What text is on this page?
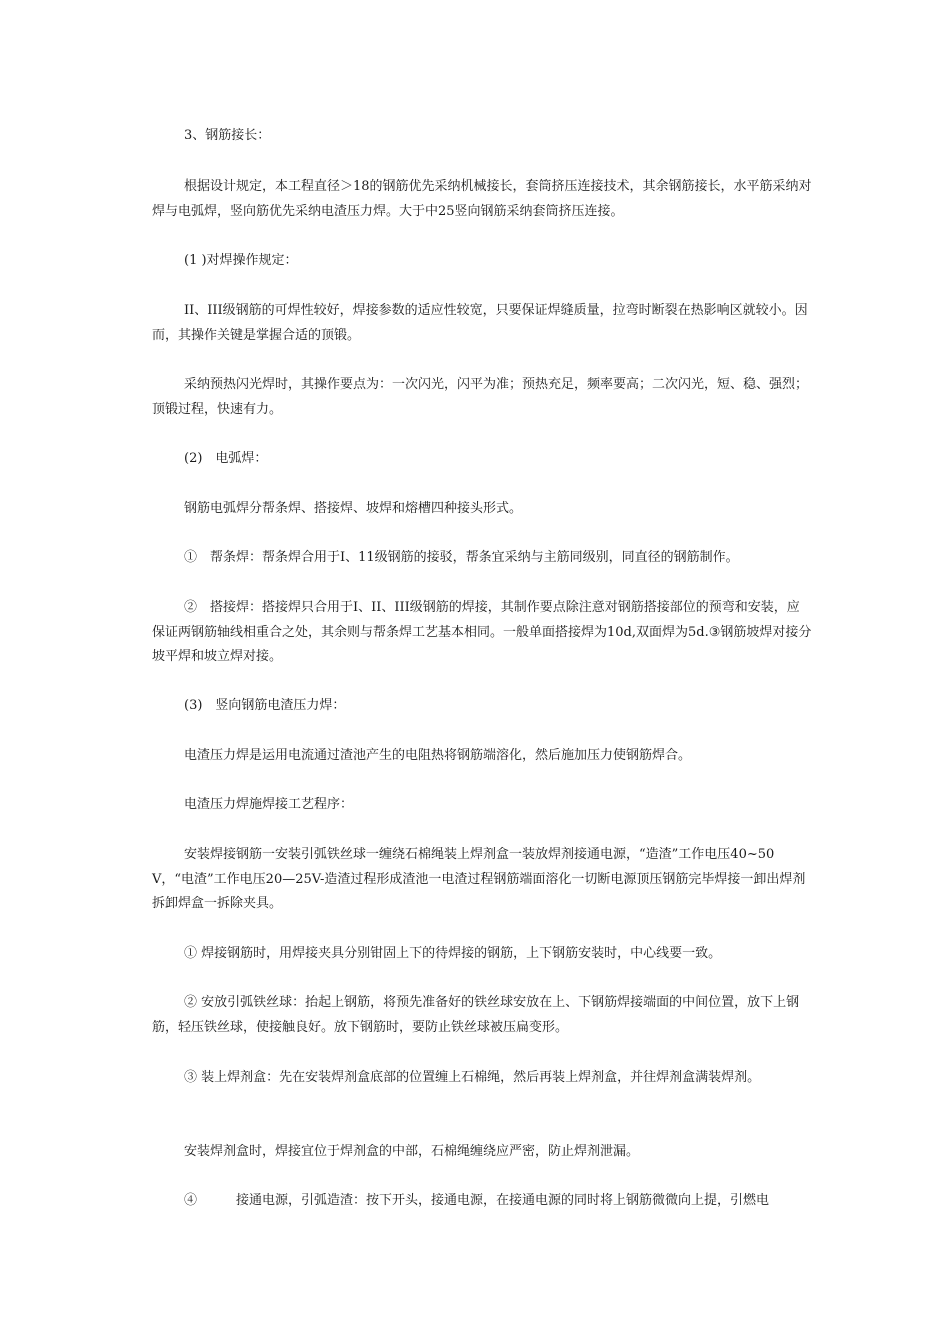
3、钢筋接长：

根据设计规定，本工程直径＞18的钢筋优先采纳机械接长，套筒挤压连接技术，其余钢筋接长，水平筋采纳对焊与电弧焊，竖向筋优先采纳电渣压力焊。大于中25竖向钢筋采纳套筒挤压连接。

(1 )对焊操作规定：

II、III级钢筋的可焊性较好，焊接参数的适应性较宽，只要保证焊缝质量，拉弯时断裂在热影响区就较小。因而，其操作关键是掌握合适的顶锻。

采纳预热闪光焊时，其操作要点为：一次闪光，闪平为准；预热充足，频率要高；二次闪光，短、稳、强烈；顶锻过程，快速有力。

(2)　电弧焊：

钢筋电弧焊分帮条焊、搭接焊、坡焊和熔槽四种接头形式。

①　帮条焊：帮条焊合用于I、11级钢筋的接驳，帮条宜采纳与主筋同级别，同直径的钢筋制作。

②　搭接焊：搭接焊只合用于I、II、III级钢筋的焊接，其制作要点除注意对钢筋搭接部位的预弯和安装，应保证两钢筋轴线相重合之处，其余则与帮条焊工艺基本相同。一般单面搭接焊为10d,双面焊为5d.③钢筋坡焊对接分坡平焊和坡立焊对接。

(3)　竖向钢筋电渣压力焊：

电渣压力焊是运用电流通过渣池产生的电阻热将钢筋端溶化，然后施加压力使钢筋焊合。

电渣压力焊施焊接工艺程序：

安装焊接钢筋一安装引弧铁丝球一缠绕石棉绳装上焊剂盒一装放焊剂接通电源，“造渣”工作电压40~50V，“电渣”工作电压20—25V-造渣过程形成渣池一电渣过程钢筋端面溶化一切断电源顶压钢筋完毕焊接一卸出焊剂拆卸焊盒一拆除夹具。

① 焊接钢筋时，用焊接夹具分别钳固上下的待焊接的钢筋，上下钢筋安装时，中心线要一致。

② 安放引弧铁丝球：抬起上钢筋，将预先准备好的铁丝球安放在上、下钢筋焊接端面的中间位置，放下上钢筋，轻压铁丝球，使接触良好。放下钢筋时，要防止铁丝球被压扁变形。

③ 装上焊剂盒：先在安装焊剂盒底部的位置缠上石棉绳，然后再装上焊剂盒，并往焊剂盒满装焊剂。

安装焊剂盒时，焊接宜位于焊剂盒的中部，石棉绳缠绕应严密，防止焊剂泄漏。

④　　　接通电源，引弧造渣：按下开头，接通电源，在接通电源的同时将上钢筋微微向上提，引燃电
